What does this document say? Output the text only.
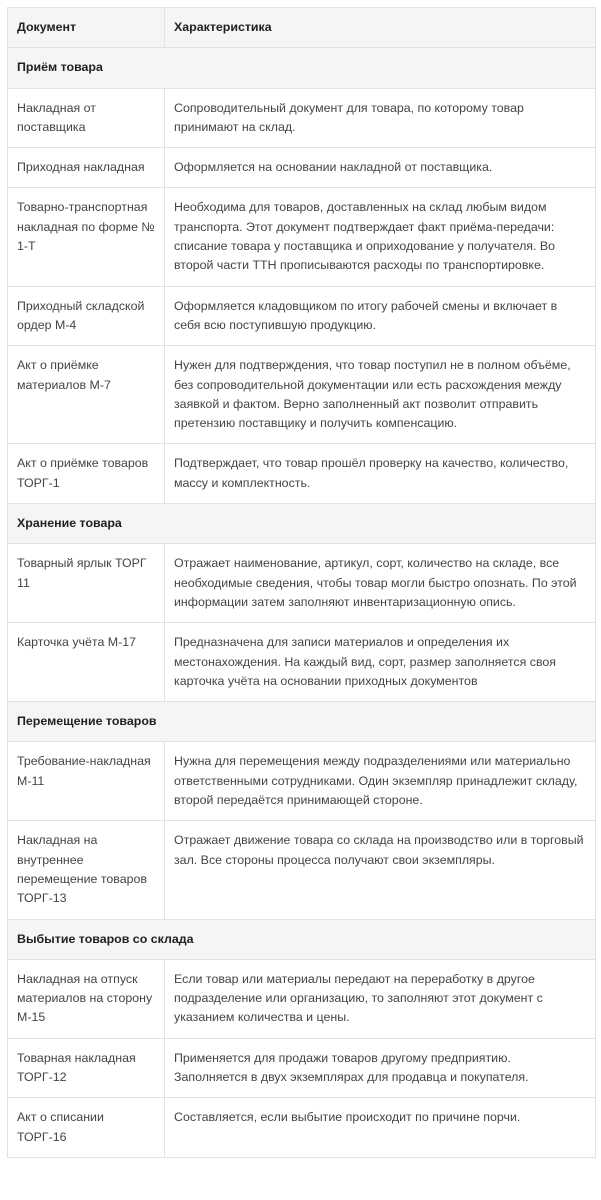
Документ	Характеристика
Приём товара	
Накладная от поставщика	Сопроводительный документ для товара, по которому товар принимают на склад.
Приходная накладная	Оформляется на основании накладной от поставщика.
Товарно-транспортная накладная по форме № 1-Т	Необходима для товаров, доставленных на склад любым видом транспорта. Этот документ подтверждает факт приёма-передачи: списание товара у поставщика и оприходование у получателя. Во второй части ТТН прописываются расходы по транспортировке.
Приходный складской ордер М-4	Оформляется кладовщиком по итогу рабочей смены и включает в себя всю поступившую продукцию.
Акт о приёмке материалов М-7	Нужен для подтверждения, что товар поступил не в полном объёме, без сопроводительной документации или есть расхождения между заявкой и фактом. Верно заполненный акт позволит отправить претензию поставщику и получить компенсацию.
Акт о приёмке товаров ТОРГ-1	Подтверждает, что товар прошёл проверку на качество, количество, массу и комплектность.
Хранение товара	
Товарный ярлык ТОРГ 11	Отражает наименование, артикул, сорт, количество на складе, все необходимые сведения, чтобы товар могли быстро опознать. По этой информации затем заполняют инвентаризационную опись.
Карточка учёта М-17	Предназначена для записи материалов и определения их местонахождения. На каждый вид, сорт, размер заполняется своя карточка учёта на основании приходных документов
Перемещение товаров	
Требование-накладная М-11	Нужна для перемещения между подразделениями или материально ответственными сотрудниками. Один экземпляр принадлежит складу, второй передаётся принимающей стороне.
Накладная на внутреннее перемещение товаров ТОРГ-13	Отражает движение товара со склада на производство или в торговый зал. Все стороны процесса получают свои экземпляры.
Выбытие товаров со склада	
Накладная на отпуск материалов на сторону М-15	Если товар или материалы передают на переработку в другое подразделение или организацию, то заполняют этот документ с указанием количества и цены.
Товарная накладная ТОРГ-12	Применяется для продажи товаров другому предприятию. Заполняется в двух экземплярах для продавца и покупателя.
Акт о списании ТОРГ-16	Составляется, если выбытие происходит по причине порчи.
